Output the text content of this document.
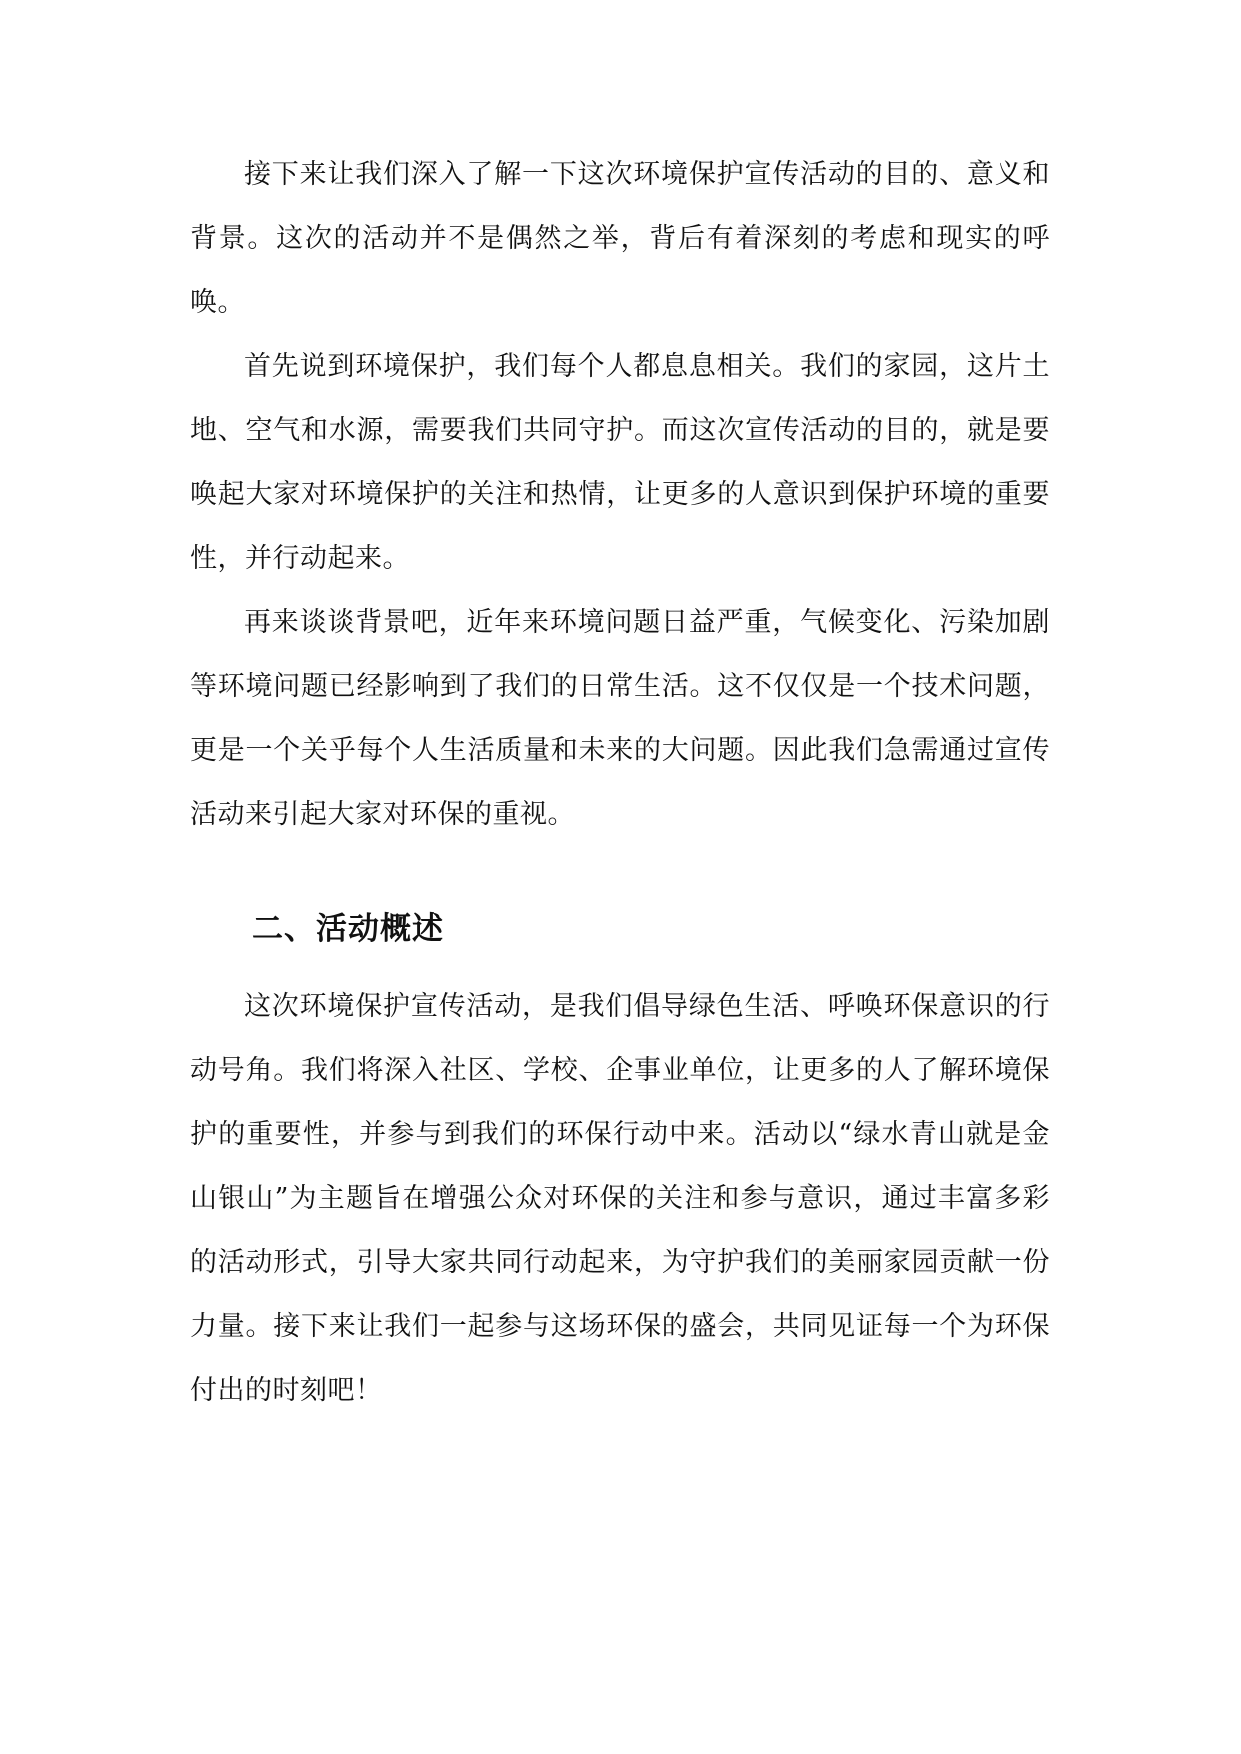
接下来让我们深入了解一下这次环境保护宣传活动的目的、意义和背景。这次的活动并不是偶然之举，背后有着深刻的考虑和现实的呼唤。

首先说到环境保护，我们每个人都息息相关。我们的家园，这片土地、空气和水源，需要我们共同守护。而这次宣传活动的目的，就是要唤起大家对环境保护的关注和热情，让更多的人意识到保护环境的重要性，并行动起来。

再来谈谈背景吧，近年来环境问题日益严重，气候变化、污染加剧等环境问题已经影响到了我们的日常生活。这不仅仅是一个技术问题，更是一个关乎每个人生活质量和未来的大问题。因此我们急需通过宣传活动来引起大家对环保的重视。

二、活动概述

这次环境保护宣传活动，是我们倡导绿色生活、呼唤环保意识的行动号角。我们将深入社区、学校、企事业单位，让更多的人了解环境保护的重要性，并参与到我们的环保行动中来。活动以“绿水青山就是金山银山”为主题旨在增强公众对环保的关注和参与意识，通过丰富多彩的活动形式，引导大家共同行动起来，为守护我们的美丽家园贡献一份力量。接下来让我们一起参与这场环保的盛会，共同见证每一个为环保付出的时刻吧！
